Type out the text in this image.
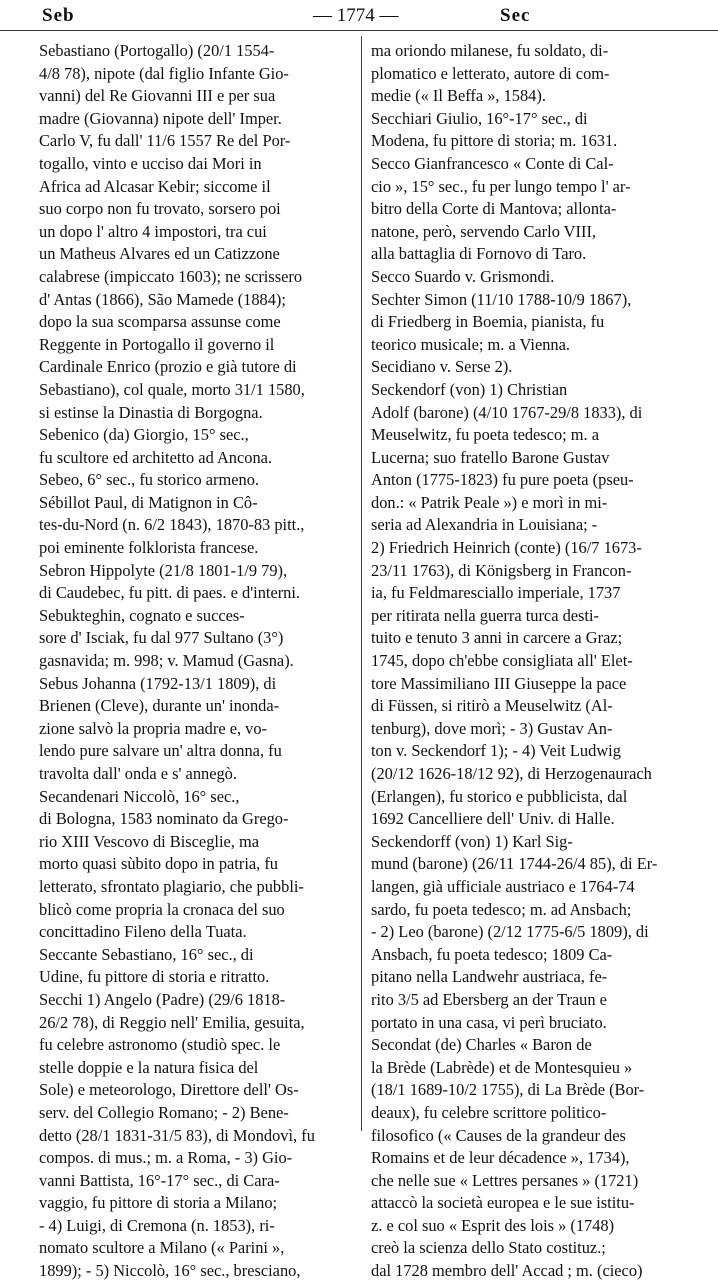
Seb	— 1774 —	Sec
Sebastiano (Portogallo) (20/1 1554-
4/8 78), nipote (dal figlio Infante Gio-
vanni) del Re Giovanni III e per sua
madre (Giovanna) nipote dell' Imper.
Carlo V, fu dall' 11/6 1557 Re del Por-
togallo, vinto e ucciso dai Mori in
Africa ad Alcasar Kebir; siccome il
suo corpo non fu trovato, sorsero poi
un dopo l' altro 4 impostori, tra cui
un Matheus Alvares ed un Catizzone
calabrese (impiccato 1603); ne scrissero
d' Antas (1866), São Mamede (1884);
dopo la sua scomparsa assunse come
Reggente in Portogallo il governo il
Cardinale Enrico (prozio e già tutore di
Sebastiano), col quale, morto 31/1 1580,
si estinse la Dinastia di Borgogna.
Sebenico (da) Giorgio, 15° sec.,
fu scultore ed architetto ad Ancona.
Sebeo, 6° sec., fu storico armeno.
Sébillot Paul, di Matignon in Cô-
tes-du-Nord (n. 6/2 1843), 1870-83 pitt.,
poi eminente folklorista francese.
Sebron Hippolyte (21/8 1801-1/9 79),
di Caudebec, fu pitt. di paes. e d'interni.
Sebukteghin, cognato e succes-
sore d' Isciak, fu dal 977 Sultano (3°)
gasnavida; m. 998; v. Mamud (Gasna).
Sebus Johanna (1792-13/1 1809), di
Brienen (Cleve), durante un' inonda-
zione salvò la propria madre e, vo-
lendo pure salvare un' altra donna, fu
travolta dall' onda e s' annegò.
Secandenari Niccolò, 16° sec.,
di Bologna, 1583 nominato da Grego-
rio XIII Vescovo di Bisceglie, ma
morto quasi sùbito dopo in patria, fu
letterato, sfrontato plagiario, che pubbli-
blicò come propria la cronaca del suo
concittadino Fileno della Tuata.
Seccante Sebastiano, 16° sec., di
Udine, fu pittore di storia e ritratto.
Secchi 1) Angelo (Padre) (29/6 1818-
26/2 78), di Reggio nell' Emilia, gesuita,
fu celebre astronomo (studiò spec. le
stelle doppie e la natura fisica del
Sole) e meteorologo, Direttore dell' Os-
serv. del Collegio Romano; - 2) Bene-
detto (28/1 1831-31/5 83), di Mondovì, fu
compos. di mus.; m. a Roma, - 3) Gio-
vanni Battista, 16°-17° sec., di Cara-
vaggio, fu pittore di storia a Milano;
- 4) Luigi, di Cremona (n. 1853), ri-
nomato scultore a Milano (« Parini »,
1899); - 5) Niccolò, 16° sec., bresciano,
ma oriondo milanese, fu soldato, di-
plomatico e letterato, autore di com-
medie (« Il Beffa », 1584).
Secchiari Giulio, 16°-17° sec., di
Modena, fu pittore di storia; m. 1631.
Secco Gianfrancesco « Conte di Cal-
cio », 15° sec., fu per lungo tempo l' ar-
bitro della Corte di Mantova; allonta-
natone, però, servendo Carlo VIII,
alla battaglia di Fornovo di Taro.
Secco Suardo v. Grismondi.
Sechter Simon (11/10 1788-10/9 1867),
di Friedberg in Boemia, pianista, fu
teorico musicale; m. a Vienna.
Secidiano v. Serse 2).
Seckendorf (von) 1) Christian
Adolf (barone) (4/10 1767-29/8 1833), di
Meuselwitz, fu poeta tedesco; m. a
Lucerna; suo fratello Barone Gustav
Anton (1775-1823) fu pure poeta (pseu-
don.: « Patrik Peale ») e morì in mi-
seria ad Alexandria in Louisiana; -
2) Friedrich Heinrich (conte) (16/7 1673-
23/11 1763), di Königsberg in Francon-
ia, fu Feldmaresciallo imperiale, 1737
per ritirata nella guerra turca desti-
tuito e tenuto 3 anni in carcere a Graz;
1745, dopo ch'ebbe consigliata all' Elet-
tore Massimiliano III Giuseppe la pace
di Füssen, si ritirò a Meuselwitz (Al-
tenburg), dove morì; - 3) Gustav An-
ton v. Seckendorf 1); - 4) Veit Ludwig
(20/12 1626-18/12 92), di Herzogenaurach
(Erlangen), fu storico e pubblicista, dal
1692 Cancelliere dell' Univ. di Halle.
Seckendorff (von) 1) Karl Sig-
mund (barone) (26/11 1744-26/4 85), di Er-
langen, già ufficiale austriaco e 1764-74
sardo, fu poeta tedesco; m. ad Ansbach;
- 2) Leo (barone) (2/12 1775-6/5 1809), di
Ansbach, fu poeta tedesco; 1809 Ca-
pitano nella Landwehr austriaca, fe-
rito 3/5 ad Ebersberg an der Traun e
portato in una casa, vi perì bruciato.
Secondat (de) Charles « Baron de
la Brède (Labrède) et de Montesquieu »
(18/1 1689-10/2 1755), di La Brède (Bor-
deaux), fu celebre scrittore politico-
filosofico (« Causes de la grandeur des
Romains et de leur décadence », 1734),
che nelle sue « Lettres persanes » (1721)
attaccò la società europea e le sue istitu-
z. e col suo « Esprit des lois » (1748)
creò la scienza dello Stato costituz.;
dal 1728 membro dell' Accad ; m. (cieco)
